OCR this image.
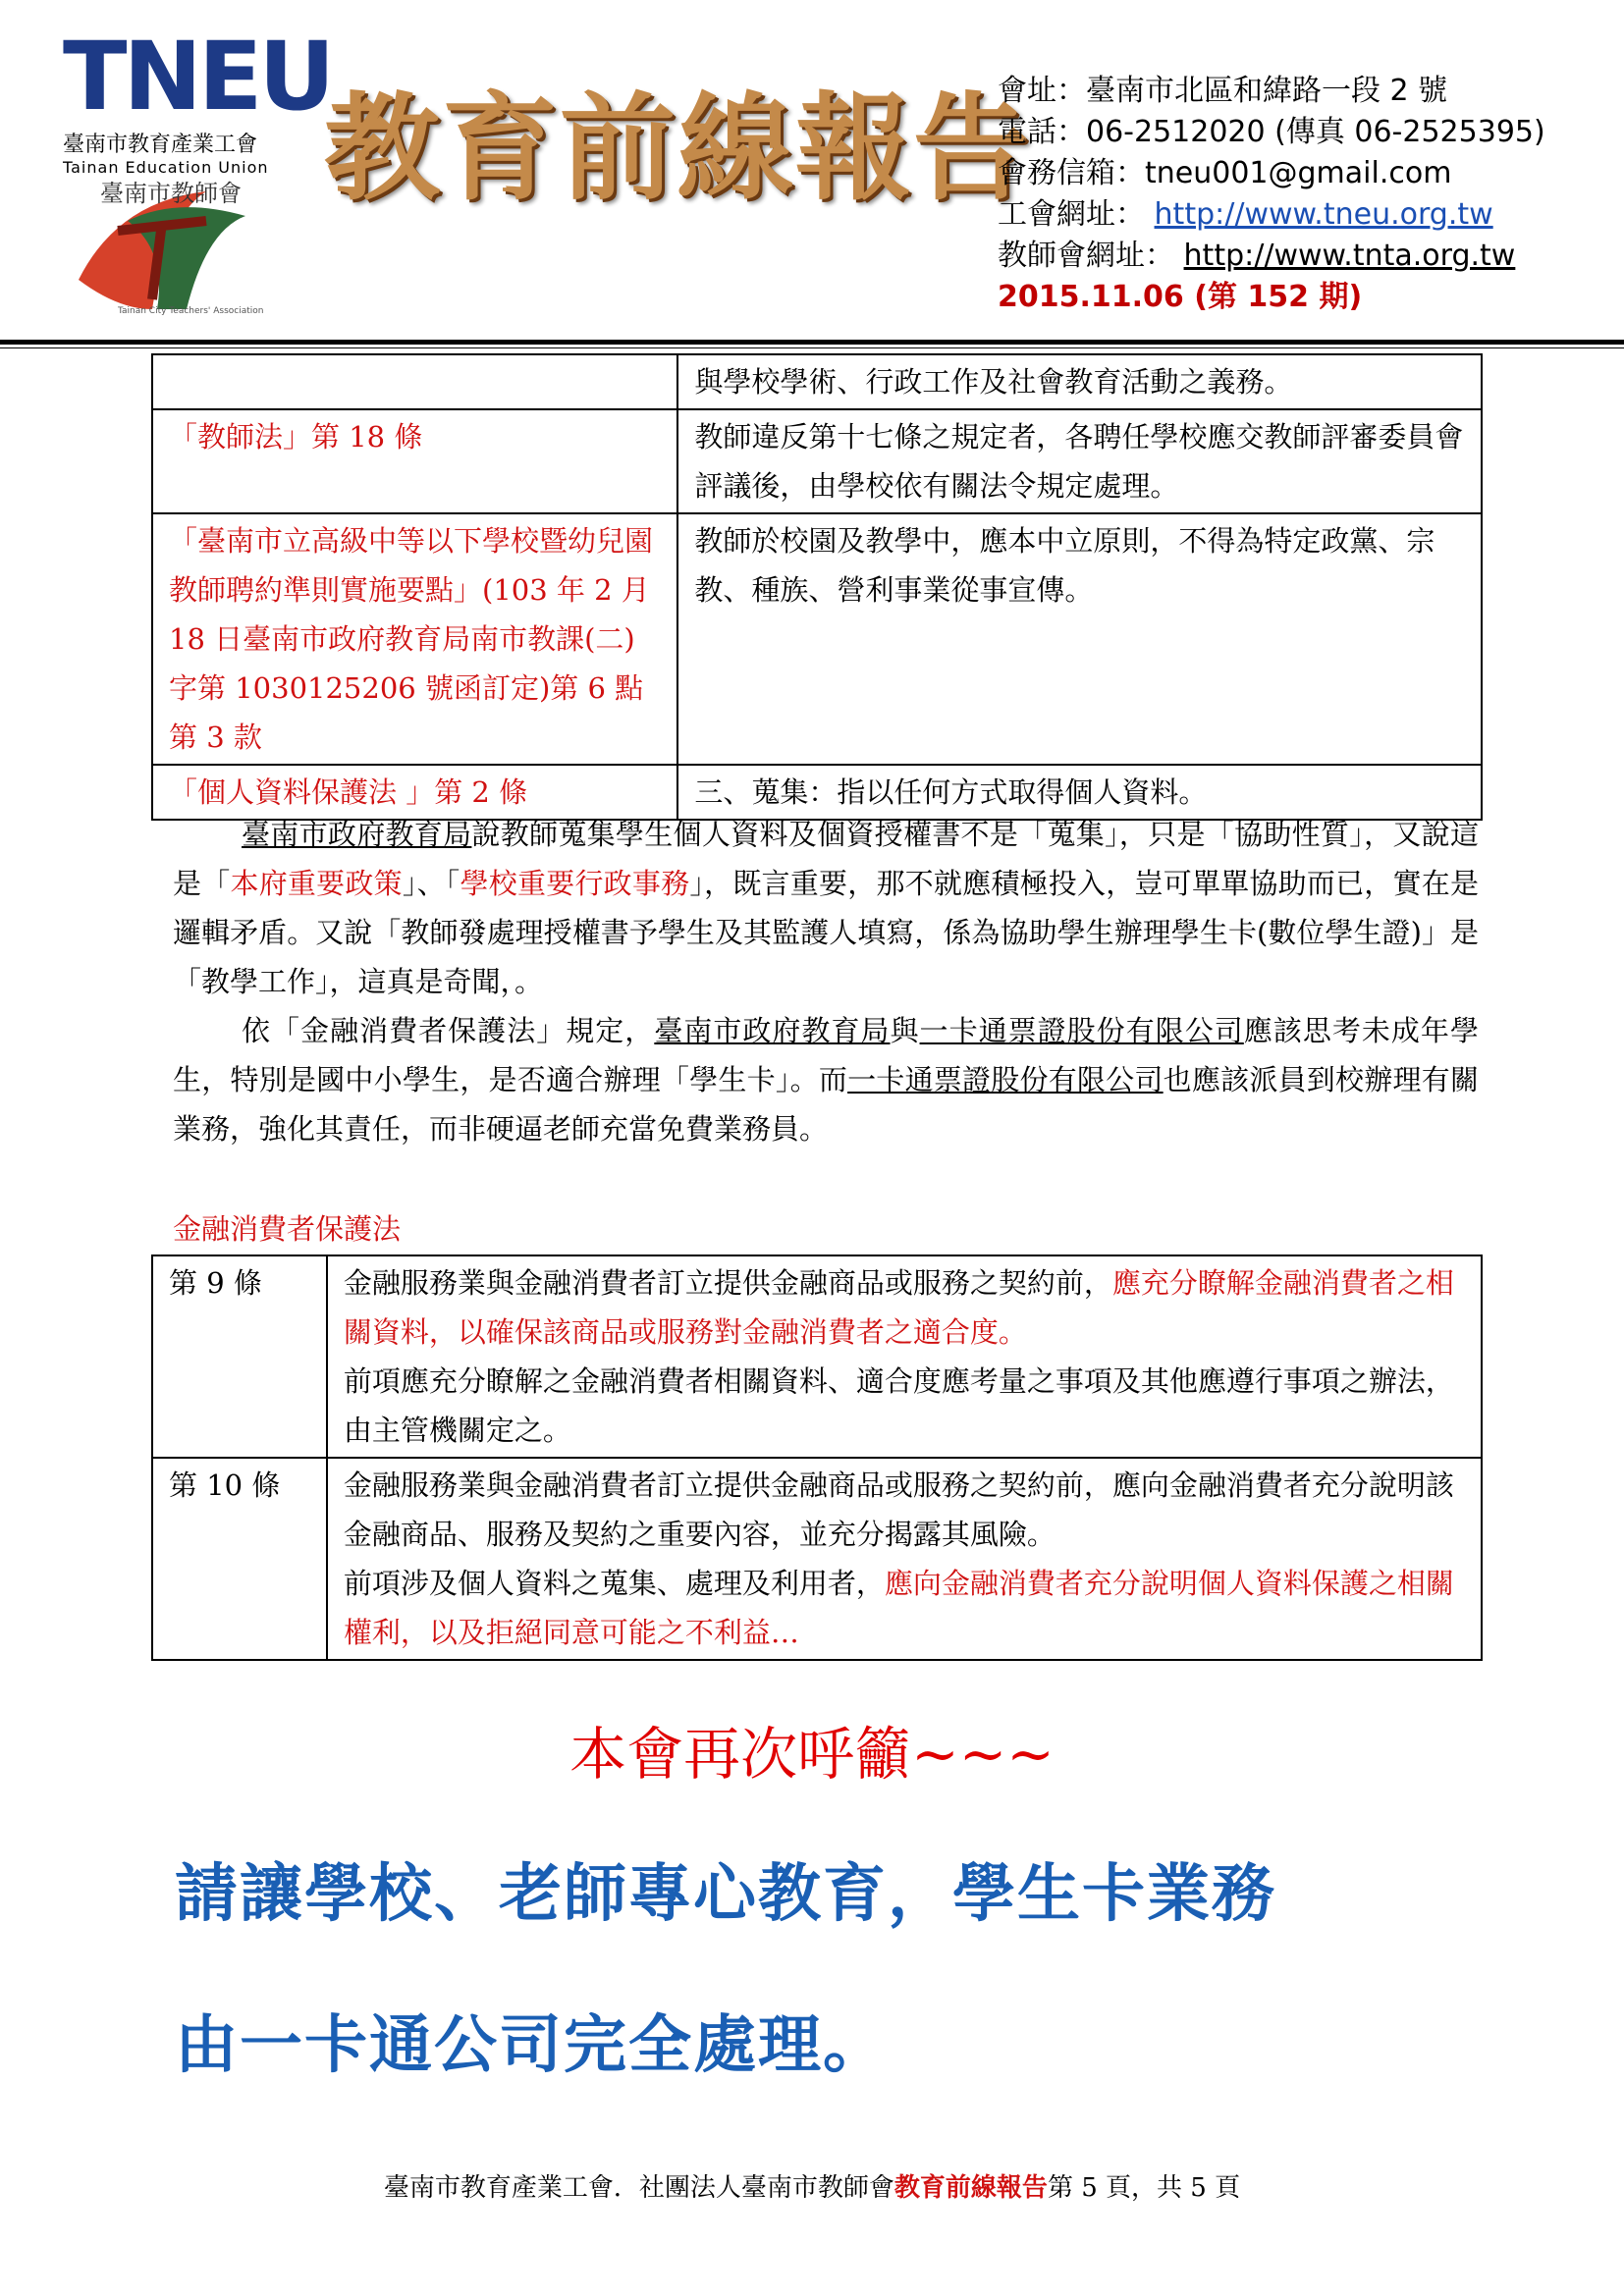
TNEU
臺南市教育產業工會
Tainan Education Union
臺南市教師會
Tainan City Teachers' Association
教育前線報告
會址：臺南市北區和緯路一段 2 號
電話：06-2512020 (傳真 06-2525395)
會務信箱：tneu001@gmail.com
工會網址： http://www.tneu.org.tw
教師會網址： http://www.tnta.org.tw
2015.11.06 (第 152 期)
	與學校學術、行政工作及社會教育活動之義務。
「教師法」第 18 條	教師違反第十七條之規定者，各聘任學校應交教師評審委員會評議後，由學校依有關法令規定處理。
「臺南市立高級中等以下學校暨幼兒園教師聘約準則實施要點」(103 年 2 月 18 日臺南市政府教育局南市教課(二)字第 1030125206 號函訂定)第 6 點第 3 款	教師於校園及教學中，應本中立原則，不得為特定政黨、宗教、種族、營利事業從事宣傳。
「個人資料保護法 」第 2 條	三、蒐集：指以任何方式取得個人資料。

臺南市政府教育局說教師蒐集學生個人資料及個資授權書不是「蒐集」，只是「協助性質」，又說這是「本府重要政策」、「學校重要行政事務」，既言重要，那不就應積極投入，豈可單單協助而已，實在是邏輯矛盾。又說「教師發處理授權書予學生及其監護人填寫，係為協助學生辦理學生卡(數位學生證)」是「教學工作」，這真是奇聞，。

依「金融消費者保護法」規定，臺南市政府教育局與一卡通票證股份有限公司應該思考未成年學生，特別是國中小學生，是否適合辦理「學生卡」。而一卡通票證股份有限公司也應該派員到校辦理有關業務，強化其責任，而非硬逼老師充當免費業務員。

金融消費者保護法
第 9 條	金融服務業與金融消費者訂立提供金融商品或服務之契約前，應充分瞭解金融消費者之相關資料，以確保該商品或服務對金融消費者之適合度。
前項應充分瞭解之金融消費者相關資料、適合度應考量之事項及其他應遵行事項之辦法，由主管機關定之。

第 10 條	金融服務業與金融消費者訂立提供金融商品或服務之契約前，應向金融消費者充分說明該金融商品、服務及契約之重要內容，並充分揭露其風險。
前項涉及個人資料之蒐集、處理及利用者，應向金融消費者充分說明個人資料保護之相關權利，以及拒絕同意可能之不利益…
本會再次呼籲~~~
請讓學校、老師專心教育，學生卡業務
由一卡通公司完全處理。
臺南市教育產業工會．社團法人臺南市教師會教育前線報告第 5 頁，共 5 頁
